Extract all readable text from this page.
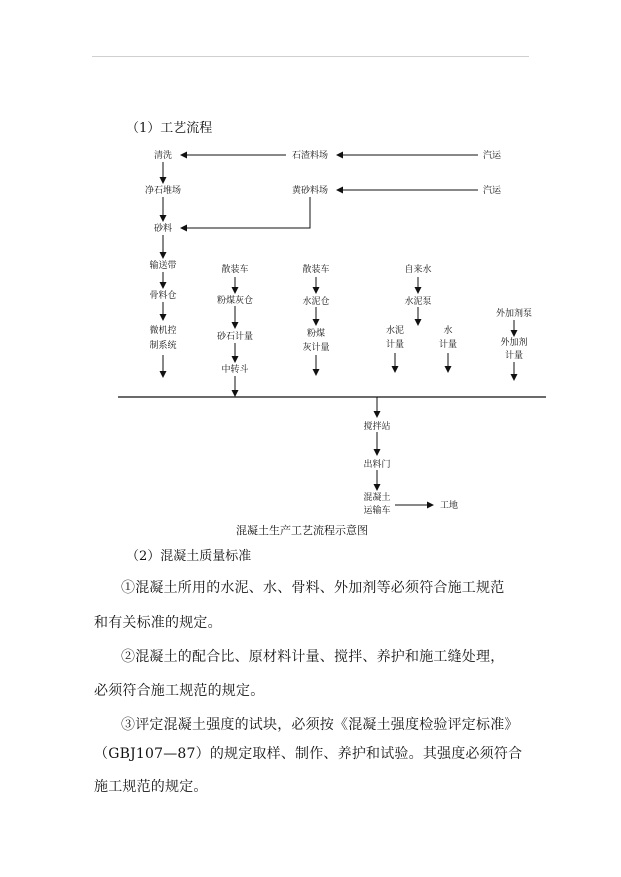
（1）工艺流程
清洗	石渣料场	汽运
净石堆场	黄砂料场	汽运
砂料
输送带
骨料仓
微机控
制系统
散装车
粉煤灰仓
砂石计量
中转斗
散装车
水泥仓
粉煤
灰计量
自来水
水泥泵
水泥
计量
水
计量
外加剂泵
外加剂
计量
搅拌站
出料门
混凝土
运输车	工地
混凝土生产工艺流程示意图
（2）混凝土质量标准
①混凝土所用的水泥、水、骨料、外加剂等必须符合施工规范
和有关标准的规定。
②混凝土的配合比、原材料计量、搅拌、养护和施工缝处理，
必须符合施工规范的规定。
③评定混凝土强度的试块，必须按《混凝土强度检验评定标准》
（GBJ107—87）的规定取样、制作、养护和试验。其强度必须符合
施工规范的规定。
